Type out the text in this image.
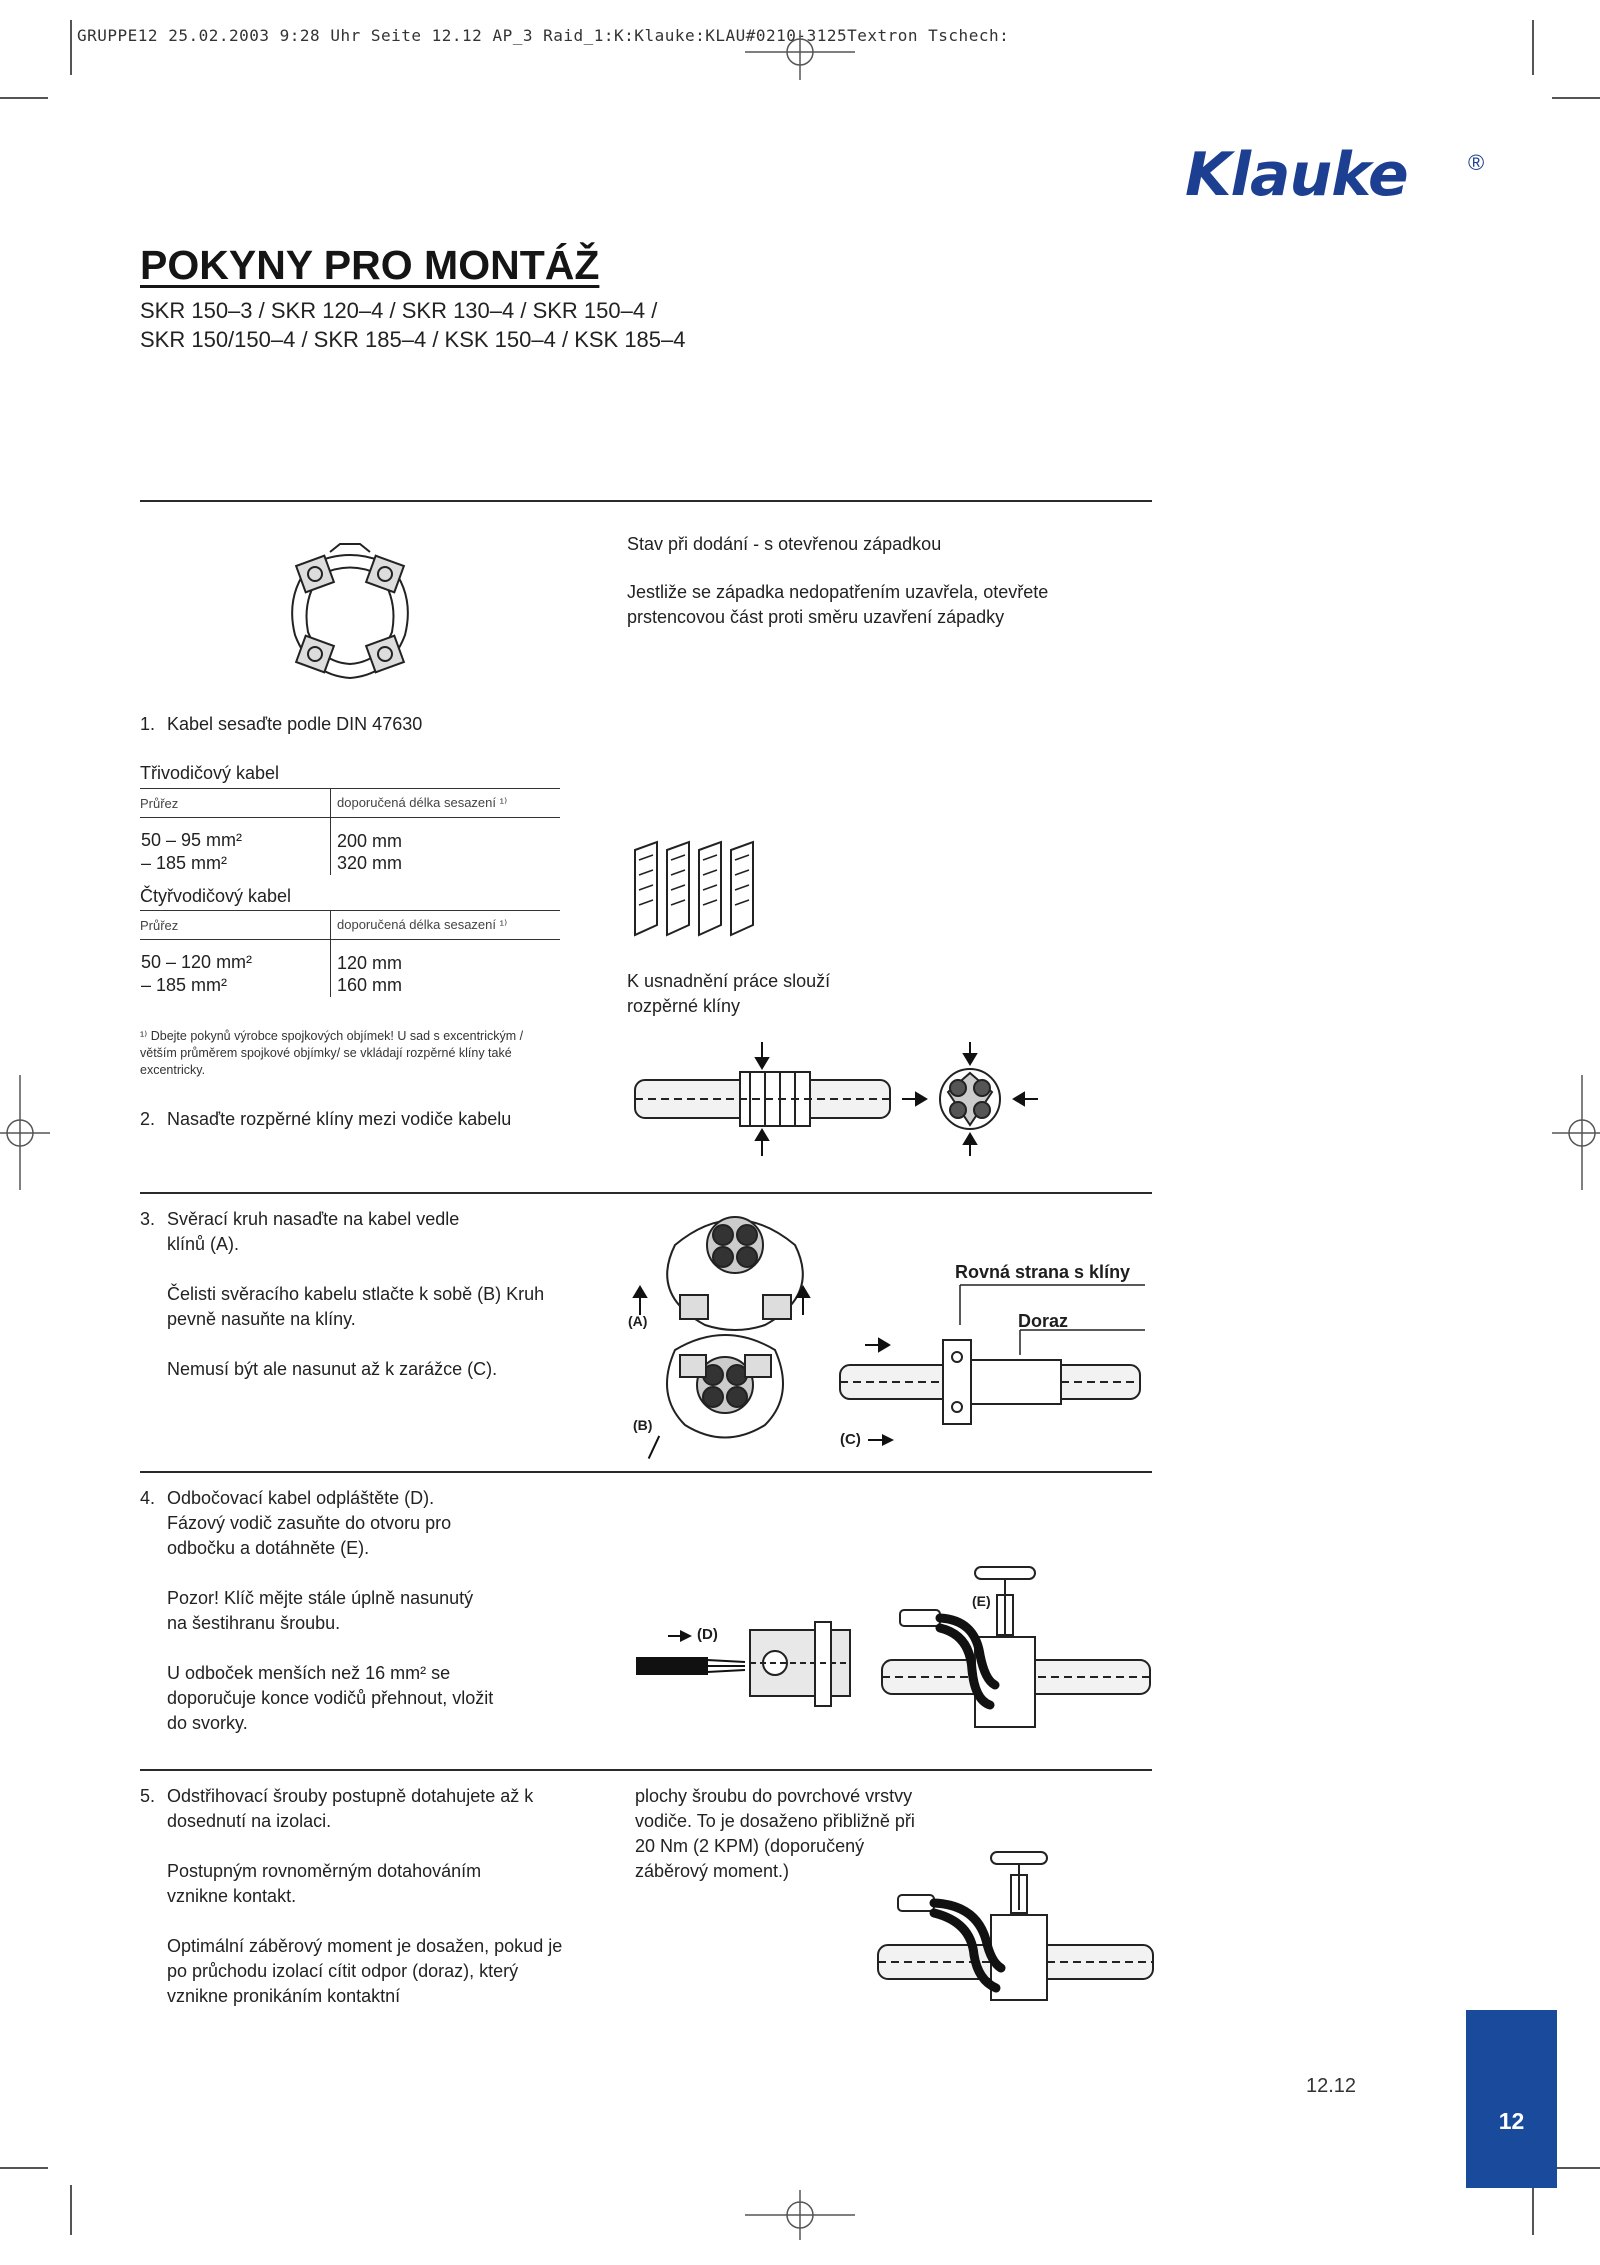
GRUPPE12 25.02.2003 9:28 Uhr Seite 12.12 AP_3 Raid_1:K:Klauke:KLAU#0210-3125Textron Tschech:
Klauke	®
POKYNY PRO MONTÁŽ
SKR 150–3 / SKR 120–4 / SKR 130–4 / SKR 150–4 /
SKR 150/150–4 / SKR 185–4 / KSK 150–4 / KSK 185–4
Stav při dodání - s otevřenou západkou
Jestliže se západka nedopatřením uzavřela, otevřete prstencovou část proti směru uzavření západky
1. Kabel sesaďte podle DIN 47630
Třivodičový kabel
Průřez	doporučená délka sesazení ¹⁾
50 – 95 mm²	200 mm
– 185 mm²	320 mm
Čtyřvodičový kabel
Průřez	doporučená délka sesazení ¹⁾
50 – 120 mm²	120 mm
– 185 mm²	160 mm
¹⁾ Dbejte pokynů výrobce spojkových objímek! U sad s excentrickým / větším průměrem spojkové objímky/ se vkládají rozpěrné klíny také excentricky.
K usnadnění práce slouží rozpěrné klíny
2. Nasaďte rozpěrné klíny mezi vodiče kabelu
3. Svěrací kruh nasaďte na kabel vedle klínů (A).
Čelisti svěracího kabelu stlačte k sobě (B) Kruh pevně nasuňte na klíny.
Nemusí být ale nasunut až k zarážce (C).
(A)
(B)
(C)
Rovná strana s klíny
Doraz
4. Odbočovací kabel odpláštěte (D). Fázový vodič zasuňte do otvoru pro odbočku a dotáhněte (E).
Pozor! Klíč mějte stále úplně nasunutý na šestihranu šroubu.
U odboček menších než 16 mm² se doporučuje konce vodičů přehnout, vložit do svorky.
(D)
(E)
5. Odstřihovací šrouby postupně dotahujete až k dosednutí na izolaci.
Postupným rovnoměrným dotahováním vznikne kontakt.
Optimální záběrový moment je dosažen, pokud je po průchodu izolací cítit odpor (doraz), který vznikne pronikáním kontaktní
plochy šroubu do povrchové vrstvy vodiče. To je dosaženo přibližně při 20 Nm (2 KPM) (doporučený záběrový moment.)
12.12
12
